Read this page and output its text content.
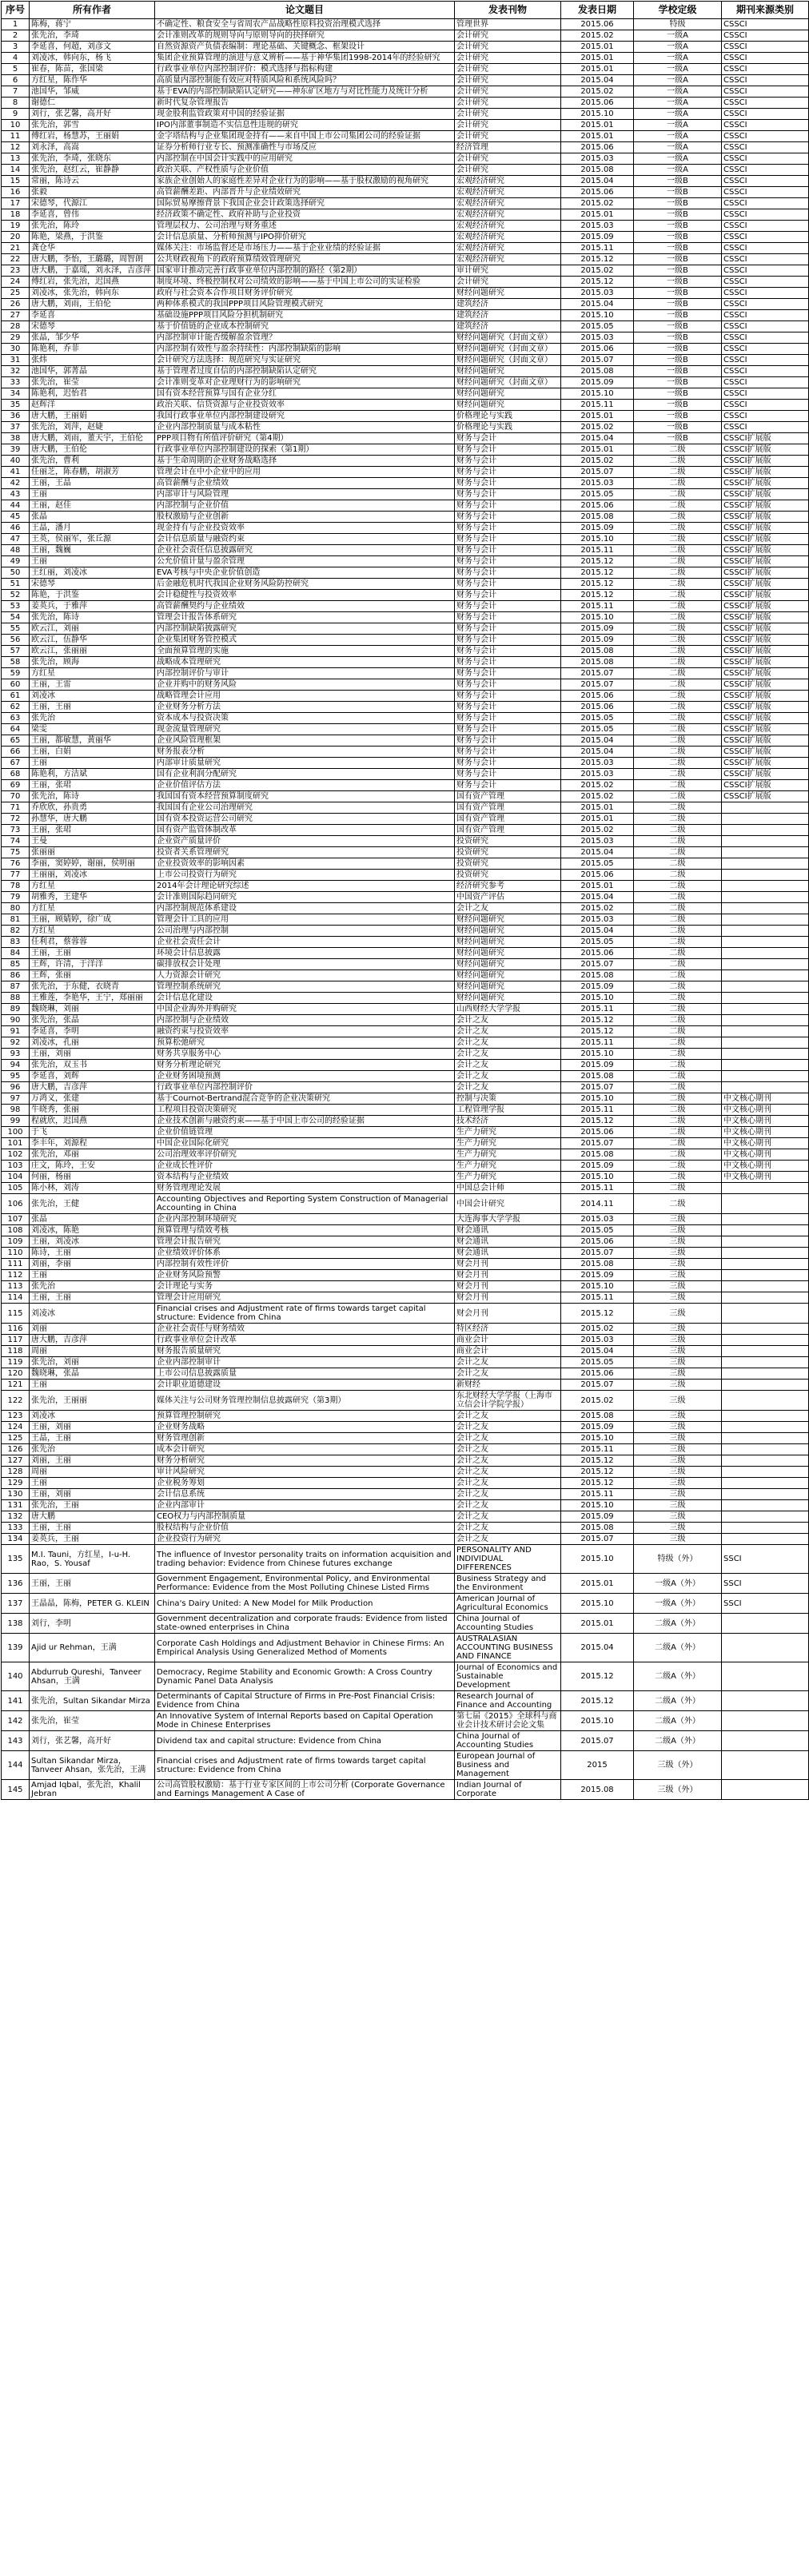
序号	所有作者	论文题目	发表刊物	发表日期	学校定级	期刊来源类别
1	陈梅，蒋宁	不确定性、粮食安全与省周农产品战略性原料投资治理模式选择	管理世界	2015.06	特级	CSSCI
2	张先治，李琦	会计准则改革的规则导向与原则导向的抉择研究	会计研究	2015.02	一级A	CSSCI
3	李延喜，何超，刘彦文	自然资源资产负债表编制：理论基础、关键概念、框架设计	会计研究	2015.01	一级A	CSSCI
4	刘凌冰，韩向东，杨飞	集团企业预算管理的演进与意义辨析——基于神华集团1998-2014年的经验研究	会计研究	2015.01	一级A	CSSCI
5	崔春，陈苗，张国梁	行政事业单位内部控制评价：模式选择与指标构建	会计研究	2015.01	一级A	CSSCI
6	方红星，陈作华	高质量内部控制能有效应对特质风险和系统风险吗？	会计研究	2015.04	一级A	CSSCI
7	池国华，邹威	基于EVA的内部控制缺陷认定研究——神东矿区地方与对比性能力及统计分析	会计研究	2015.02	一级A	CSSCI
8	谢德仁	新时代复杂管理报告	会计研究	2015.06	一级A	CSSCI
9	刘行，张艺馨，高开好	现金股利监管政策对中国的经验证据	会计研究	2015.10	一级A	CSSCI
10	张先治，郭雪	IPO内部董事制造不实信息性违规的研究	会计研究	2015.01	一级A	CSSCI
11	傅红岩，杨慧苏，王丽娟	金字塔结构与企业集团现金持有——来自中国上市公司集团公司的经验证据	会计研究	2015.01	一级A	CSSCI
12	刘永泽，高嵩	证券分析师行业专长、预测准确性与市场反应	经济管理	2015.06	一级A	CSSCI
13	张先治，李琦，张晓东	内部控制在中国会计实践中的应用研究	会计研究	2015.03	一级A	CSSCI
14	张先治，赵红云，崔静静	政治关联、产权性质与企业价值	会计研究	2015.08	一级A	CSSCI
15	常丽，陈诗云	家族企业创始人的家庭性差异对企业行为的影响——基于股权激励的视角研究	宏观经济研究	2015.04	一级B	CSSCI
16	张毅	高管薪酬差距、内部晋升与企业绩效研究	宏观经济研究	2015.06	一级B	CSSCI
17	宋德琴，代源江	国际贸易摩擦背景下我国企业会计政策选择研究	宏观经济研究	2015.02	一级B	CSSCI
18	李延喜，曾伟	经济政策不确定性、政府补助与企业投资	宏观经济研究	2015.01	一级B	CSSCI
19	张先治，陈玲	管理层权力、公司治理与财务重述	宏观经济研究	2015.03	一级B	CSSCI
20	陈艳，梁燕，于洪鉴	会计信息质量、分析师预测与IPO抑价研究	宏观经济研究	2015.09	一级B	CSSCI
21	龚仓华	媒体关注：市场监督还是市场压力——基于企业业绩的经验证据	宏观经济研究	2015.11	一级B	CSSCI
22	唐大鹏，李怡，王璐璐，周智朗	公共财政视角下的政府预算绩效管理研究	宏观经济研究	2015.12	一级B	CSSCI
23	唐大鹏，于嘉瑶，刘永泽，吉彦萍	国家审计推动完善行政事业单位内部控制的路径（第2期）	审计研究	2015.02	一级B	CSSCI
24	傅红岩，张先治，迟国燕	制度环境、终极控制权对公司绩效的影响——基于中国上市公司的实证检验	会计研究	2015.12	一级B	CSSCI
25	刘凌冰，张先治，韩向东	政府与社会资本合作项目财务评价研究	财经问题研究	2015.03	一级B	CSSCI
26	唐大鹏，刘雨，王伯伦	两种体系模式的我国PPP项目风险管理模式研究	建筑经济	2015.04	一级B	CSSCI
27	李延喜	基础设施PPP项目风险分担机制研究	建筑经济	2015.10	一级B	CSSCI
28	宋德琴	基于价值链的企业成本控制研究	建筑经济	2015.05	一级B	CSSCI
29	张晶，邹少华	内部控制审计能否缓解盈余管理？	财经问题研究（封面文章）	2015.03	一级B	CSSCI
30	陈艳利，乔菲	内部控制有效性与盈余持续性：内部控制缺陷的影响	财经问题研究（封面文章）	2015.06	一级B	CSSCI
31	张炜	会计研究方法选择：规范研究与实证研究	财经问题研究（封面文章）	2015.07	一级B	CSSCI
32	池国华，郭菁晶	基于管理者过度自信的内部控制缺陷认定研究	财经问题研究	2015.08	一级B	CSSCI
33	张先治，崔莹	会计准则变革对企业理财行为的影响研究	财经问题研究（封面文章）	2015.09	一级B	CSSCI
34	陈艳利，迟怡君	国有资本经营预算与国有企业分红	财经问题研究	2015.10	一级B	CSSCI
35	赵辉洋	政治关联、信贷资源与企业投资效率	财经问题研究	2015.11	一级B	CSSCI
36	唐大鹏，王丽娟	我国行政事业单位内部控制建设研究	价格理论与实践	2015.01	一级B	CSSCI
37	张先治，刘萍，赵婕	企业内部控制质量与成本粘性	价格理论与实践	2015.02	一级B	CSSCI
38	唐大鹏，刘雨，董天宇，王伯伦	PPP项目物有所值评价研究（第4期）	财务与会计	2015.04	一级B	CSSCI扩展版
39	唐大鹏，王伯伦	行政事业单位内部控制建设的探索（第1期）	财务与会计	2015.01	二级	CSSCI扩展版
40	张先治，曹利	基于生命周期的企业财务战略选择	财务与会计	2015.02	二级	CSSCI扩展版
41	任丽芝，陈春鹏，胡淑芳	管理会计在中小企业中的应用	财务与会计	2015.07	二级	CSSCI扩展版
42	王丽，王晶	高管薪酬与企业绩效	财务与会计	2015.03	二级	CSSCI扩展版
43	王丽	内部审计与风险管理	财务与会计	2015.05	二级	CSSCI扩展版
44	王丽，赵佳	内部控制与企业价值	财务与会计	2015.06	二级	CSSCI扩展版
45	张晶	股权激励与企业创新	财务与会计	2015.08	二级	CSSCI扩展版
46	王晶，潘月	现金持有与企业投资效率	财务与会计	2015.09	二级	CSSCI扩展版
47	王英，侯丽军，张丘源	会计信息质量与融资约束	财务与会计	2015.10	二级	CSSCI扩展版
48	王丽，魏巍	企业社会责任信息披露研究	财务与会计	2015.11	二级	CSSCI扩展版
49	王丽	公允价值计量与盈余管理	财务与会计	2015.12	二级	CSSCI扩展版
50	王红丽，刘凌冰	EVA考核与中央企业价值创造	财务与会计	2015.12	二级	CSSCI扩展版
51	宋德琴	后金融危机时代我国企业财务风险防控研究	财务与会计	2015.12	二级	CSSCI扩展版
52	陈艳，于洪鉴	会计稳健性与投资效率	财务与会计	2015.12	二级	CSSCI扩展版
53	姜英兵，于雅萍	高管薪酬契约与企业绩效	财务与会计	2015.11	二级	CSSCI扩展版
54	张先治，陈诗	管理会计报告体系研究	财务与会计	2015.10	二级	CSSCI扩展版
55	欧云江，刘丽	内部控制缺陷披露研究	财务与会计	2015.09	二级	CSSCI扩展版
56	欧云江，伍静华	企业集团财务管控模式	财务与会计	2015.09	二级	CSSCI扩展版
57	欧云江，张丽丽	全面预算管理的实施	财务与会计	2015.08	二级	CSSCI扩展版
58	张先治，顾海	战略成本管理研究	财务与会计	2015.08	二级	CSSCI扩展版
59	方红星	内部控制评价与审计	财务与会计	2015.07	二级	CSSCI扩展版
60	王丽，王雷	企业并购中的财务风险	财务与会计	2015.07	二级	CSSCI扩展版
61	刘凌冰	战略管理会计应用	财务与会计	2015.06	二级	CSSCI扩展版
62	王丽，王丽	企业财务分析方法	财务与会计	2015.06	二级	CSSCI扩展版
63	张先治	资本成本与投资决策	财务与会计	2015.05	二级	CSSCI扩展版
64	梁雯	现金流量管理研究	财务与会计	2015.05	二级	CSSCI扩展版
65	王丽，都敏慧，黄丽华	企业风险管理框架	财务与会计	2015.04	二级	CSSCI扩展版
66	王丽，白娟	财务报表分析	财务与会计	2015.04	二级	CSSCI扩展版
67	王丽	内部审计质量研究	财务与会计	2015.03	二级	CSSCI扩展版
68	陈艳利，方洁斌	国有企业利润分配研究	财务与会计	2015.03	二级	CSSCI扩展版
69	王丽，张珺	企业价值评估方法	财务与会计	2015.02	二级	CSSCI扩展版
70	张先治，陈诗	我国国有资本经营预算制度研究	国有资产管理	2015.02	二级	CSSCI扩展版
71	乔欣欣，孙贵勇	我国国有企业公司治理研究	国有资产管理	2015.01	二级	
72	孙慧华，唐大鹏	国有资本投资运营公司研究	国有资产管理	2015.01	二级	
73	王丽，张珺	国有资产监管体制改革	国有资产管理	2015.02	二级	
74	王曼	企业资产质量评价	投资研究	2015.03	二级	
75	张丽丽	投资者关系管理研究	投资研究	2015.04	二级	
76	李丽，窦婷婷，谢丽，侯明丽	企业投资效率的影响因素	投资研究	2015.05	二级	
77	王丽丽，刘凌冰	上市公司投资行为研究	投资研究	2015.06	二级	
78	方红星	2014年会计理论研究综述	经济研究参考	2015.01	二级	
79	胡雅秀，王建华	会计准则国际趋同研究	中国资产评估	2015.04	二级	
80	方红星	内部控制规范体系建设	会计之友	2015.02	二级	
81	王丽，顾婧婷，徐广成	管理会计工具的应用	财经问题研究	2015.03	二级	
82	方红星	公司治理与内部控制	财经问题研究	2015.04	二级	
83	任利君，蔡蓉蓉	企业社会责任会计	财经问题研究	2015.05	二级	
84	王丽，王丽	环境会计信息披露	财经问题研究	2015.06	二级	
85	王辉，许清，于洋洋	碳排放权会计处理	财经问题研究	2015.07	二级	
86	王辉，张丽	人力资源会计研究	财经问题研究	2015.08	二级	
87	张先治，于东健，衣晓青	管理控制系统研究	财经问题研究	2015.09	二级	
88	王雅莲，李艳华，王宁，郑丽丽	会计信息化建设	财经问题研究	2015.10	二级	
89	魏晓琳，刘丽	中国企业海外并购研究	山西财经大学学报	2015.11	二级	
90	张先治，张晶	内部控制与企业绩效	会计之友	2015.12	二级	
91	李延喜，李明	融资约束与投资效率	会计之友	2015.12	二级	
92	刘凌冰，孔丽	预算松弛研究	会计之友	2015.11	二级	
93	王丽，刘丽	财务共享服务中心	会计之友	2015.10	二级	
94	张先治，双玉书	财务分析理论研究	会计之友	2015.09	二级	
95	李延喜，刘辉	企业财务困境预测	会计之友	2015.08	二级	
96	唐大鹏，吉彦萍	行政事业单位内部控制评价	会计之友	2015.07	二级	
97	万鸿义，张建	基于Cournot-Bertrand混合竞争的企业决策研究	控制与决策	2015.10	二级	中文核心期刊
98	牛晓秀，张丽	工程项目投资决策研究	工程管理学报	2015.11	二级	中文核心期刊
99	程就欣，迟国燕	企业技术创新与融资约束——基于中国上市公司的经验证据	技术经济	2015.12	二级	中文核心期刊
100	于飞	企业价值链管理	生产力研究	2015.06	二级	中文核心期刊
101	李丰年，刘源程	中国企业国际化研究	生产力研究	2015.07	二级	中文核心期刊
102	张先治，邓丽	公司治理效率评价研究	生产力研究	2015.08	二级	中文核心期刊
103	庄文，陈玲，王安	企业成长性评价	生产力研究	2015.09	二级	中文核心期刊
104	何丽，杨丽	资本结构与企业绩效	生产力研究	2015.10	二级	中文核心期刊
105	陈小林，刘涛	财务管理理论发展	中国总会计师	2015.11	二级	
106	张先治，王健	Accounting Objectives and Reporting System Construction of Managerial Accounting in China	中国会计研究	2014.11	二级	
107	张晶	企业内部控制环境研究	大连海事大学学报	2015.03	三级	
108	刘凌冰，陈艳	预算管理与绩效考核	财会通讯	2015.05	三级	
109	王丽，刘凌冰	管理会计报告研究	财会通讯	2015.06	三级	
110	陈诗，王丽	企业绩效评价体系	财会通讯	2015.07	三级	
111	刘丽，李丽	内部控制有效性评价	财会月刊	2015.08	三级	
112	王丽	企业财务风险预警	财会月刊	2015.09	三级	
113	张先治	会计理论与实务	财会月刊	2015.10	三级	
114	王丽，王丽	管理会计应用研究	财会月刊	2015.11	三级	
115	刘凌冰	Financial crises and Adjustment rate of firms towards target capital structure: Evidence from China	财会月刊	2015.12	三级	
116	刘丽	企业社会责任与财务绩效	特区经济	2015.02	三级	
117	唐大鹏，吉彦萍	行政事业单位会计改革	商业会计	2015.03	三级	
118	周丽	财务报告质量研究	商业会计	2015.04	三级	
119	张先治，刘丽	企业内部控制审计	会计之友	2015.05	三级	
120	魏晓琳，张晶	上市公司信息披露质量	会计之友	2015.06	三级	
121	王丽	会计职业道德建设	新财经	2015.07	三级	
122	张先治，王丽丽	媒体关注与公司财务管理控制信息披露研究（第3期）	东北财经大学学报（上海市立信会计学院学报）	2015.02	三级	
123	刘凌冰	预算管理控制研究	会计之友	2015.08	三级	
124	王丽，刘丽	企业财务战略	会计之友	2015.09	三级	
125	王晶，王丽	财务管理创新	会计之友	2015.10	三级	
126	张先治	成本会计研究	会计之友	2015.11	三级	
127	刘丽，王丽	财务分析研究	会计之友	2015.12	三级	
128	周丽	审计风险研究	会计之友	2015.12	三级	
129	王丽	企业税务筹划	会计之友	2015.12	三级	
130	王丽，刘丽	会计信息系统	会计之友	2015.11	三级	
131	张先治，王丽	企业内部审计	会计之友	2015.10	三级	
132	唐大鹏	CEO权力与内部控制质量	会计之友	2015.09	三级	
133	王丽，王丽	股权结构与企业价值	会计之友	2015.08	三级	
134	姜英兵，王丽	企业投资行为研究	会计之友	2015.07	三级	
135	M.I. Tauni，方红星，I-u-H. Rao，S. Yousaf	The influence of Investor personality traits on information acquisition and trading behavior: Evidence from Chinese futures exchange	PERSONALITY AND INDIVIDUAL DIFFERENCES	2015.10	特级（外）	SSCI
136	王丽，王丽	Government Engagement, Environmental Policy, and Environmental Performance: Evidence from the Most Polluting Chinese Listed Firms	Business Strategy and the Environment	2015.01	一级A（外）	SSCI
137	王晶晶，陈梅，PETER G. KLEIN	China's Dairy United: A New Model for Milk Production	American Journal of Agricultural Economics	2015.10	一级A（外）	SSCI
138	刘行，李明	Government decentralization and corporate frauds: Evidence from listed state-owned enterprises in China	China Journal of Accounting Studies	2015.01	二级A（外）	
139	Ajid ur Rehman，王满	Corporate Cash Holdings and Adjustment Behavior in Chinese Firms: An Empirical Analysis Using Generalized Method of Moments	AUSTRALASIAN ACCOUNTING BUSINESS AND FINANCE	2015.04	二级A（外）	
140	Abdurrub Qureshi，Tanveer Ahsan，王满	Democracy, Regime Stability and Economic Growth: A Cross Country Dynamic Panel Data Analysis	Journal of Economics and Sustainable Development	2015.12	二级A（外）	
141	张先治，Sultan Sikandar Mirza	Determinants of Capital Structure of Firms in Pre-Post Financial Crisis: Evidence from China	Research Journal of Finance and Accounting	2015.12	二级A（外）	
142	张先治，崔莹	An Innovative System of Internal Reports based on Capital Operation Mode in Chinese Enterprises	第七届《2015》全球科与商业会计技术研讨会论文集	2015.10	二级A（外）	
143	刘行，张艺馨，高开好	Dividend tax and capital structure: Evidence from China	China Journal of Accounting Studies	2015.07	二级A（外）	
144	Sultan Sikandar Mirza，Tanveer Ahsan，张先治，王满	Financial crises and Adjustment rate of firms towards target capital structure: Evidence from China	European Journal of Business and Management	2015	三级（外）	
145	Amjad Iqbal，张先治，Khalil Jebran	公司高管股权激励：基于行业专家区间的上市公司分析 (Corporate Governance and Earnings Management A Case of	Indian Journal of Corporate	2015.08	三级（外）	
